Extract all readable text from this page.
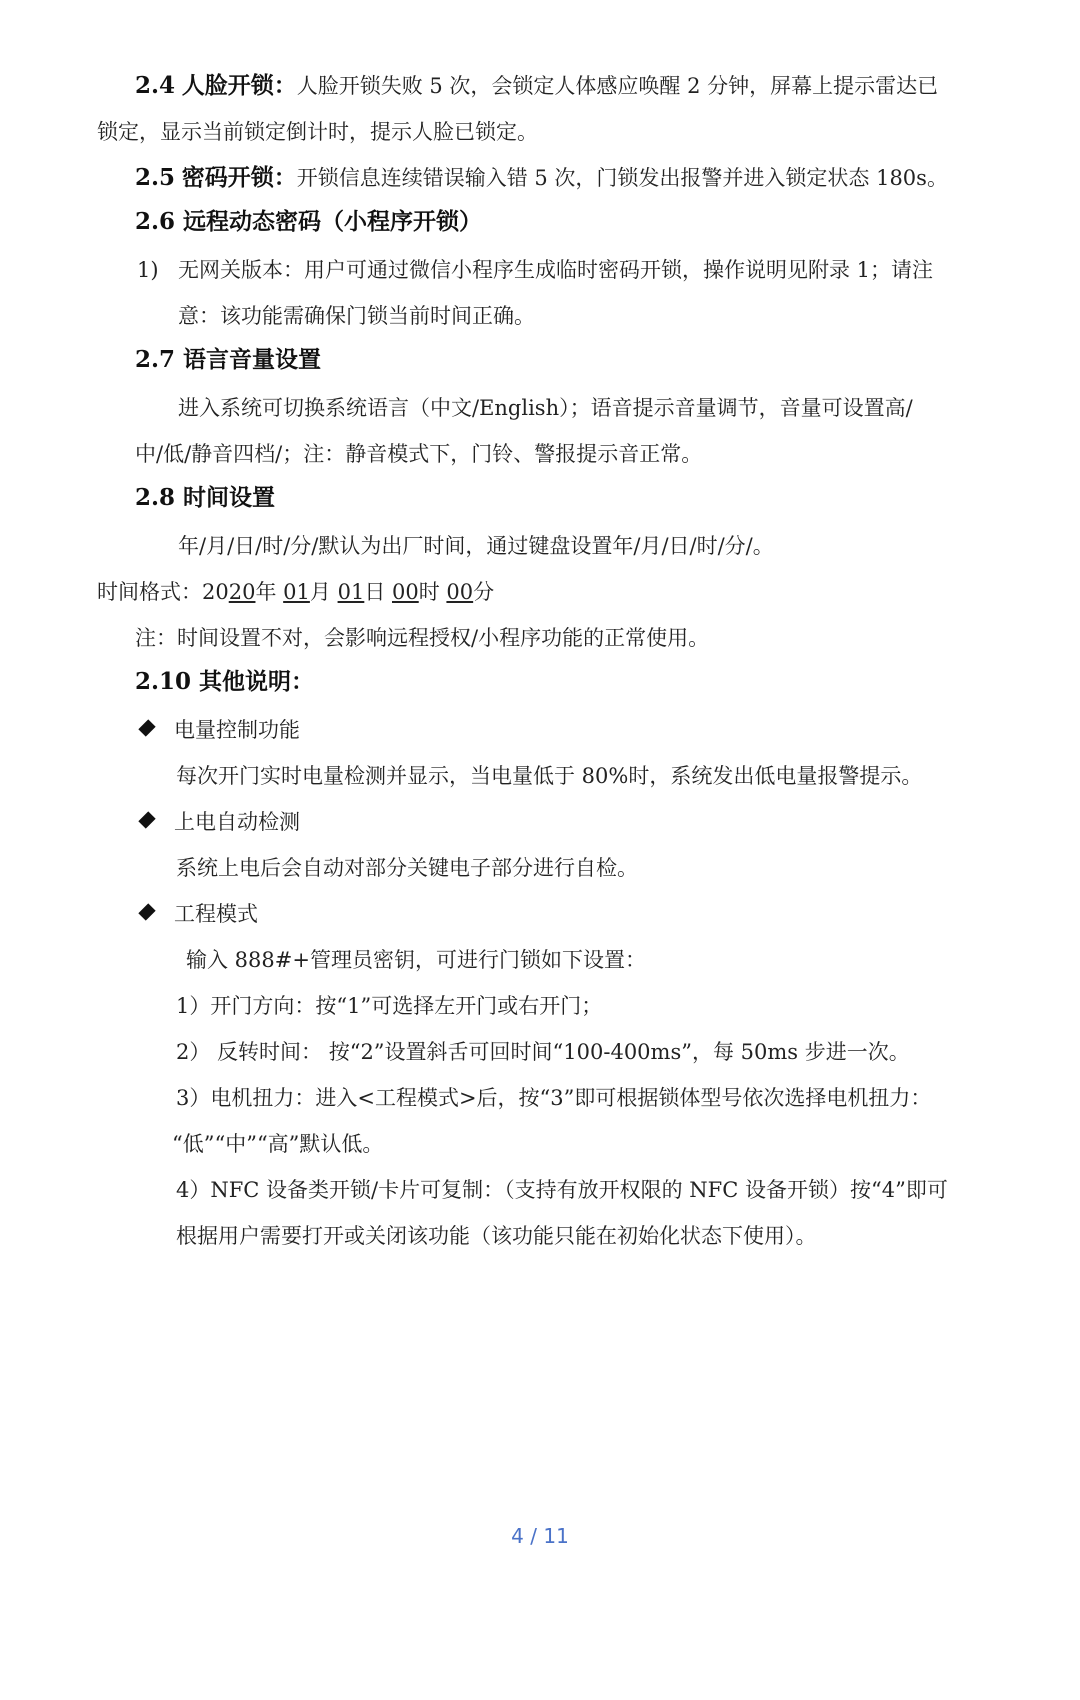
2.4 人脸开锁：人脸开锁失败 5 次，会锁定人体感应唤醒 2 分钟，屏幕上提示雷达已
锁定，显示当前锁定倒计时，提示人脸已锁定。
2.5 密码开锁：开锁信息连续错误输入错 5 次，门锁发出报警并进入锁定状态 180s。
2.6 远程动态密码（小程序开锁）
1) 无网关版本：用户可通过微信小程序生成临时密码开锁，操作说明见附录 1；请注
意：该功能需确保门锁当前时间正确。
2.7 语言音量设置
进入系统可切换系统语言（中文/English）；语音提示音量调节，音量可设置高/
中/低/静音四档/；注：静音模式下，门铃、警报提示音正常。
2.8 时间设置
年/月/日/时/分/默认为出厂时间，通过键盘设置年/月/日/时/分/。
时间格式：2020年 01月 01日 00时 00分
注：时间设置不对，会影响远程授权/小程序功能的正常使用。
2.10 其他说明：
电量控制功能
每次开门实时电量检测并显示，当电量低于 80%时，系统发出低电量报警提示。
上电自动检测
系统上电后会自动对部分关键电子部分进行自检。
工程模式
输入 888#+管理员密钥，可进行门锁如下设置：
1）开门方向：按“1”可选择左开门或右开门；
2） 反转时间： 按“2”设置斜舌可回时间“100-400ms”，每 50ms 步进一次。
3）电机扭力：进入<工程模式>后，按“3”即可根据锁体型号依次选择电机扭力：
“低”“中”“高”默认低。
4）NFC 设备类开锁/卡片可复制：（支持有放开权限的 NFC 设备开锁）按“4”即可
根据用户需要打开或关闭该功能（该功能只能在初始化状态下使用）。
4 / 11
